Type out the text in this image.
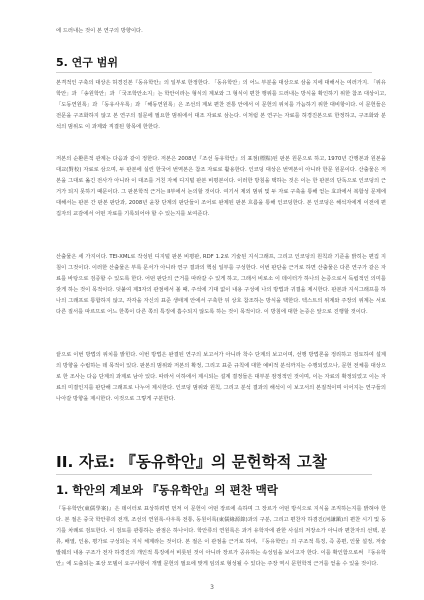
에 드러내는 것이 본 연구의 방향이다.

5. 연구 범위

본격적인 구축의 대상은 허경진본『동유학안』의 일부로 한정한다. 「동유학안」의 어느 부분을 대상으로 삼을 지에 대해서는 여러가지. 「위유학안」과 「송원학안」과 「국조학안소지」는 학안이라는 형식의 계보와 그 형식이 편찬 행위를 드러내는 방식을 확인하기 위한 참조 대상이고, 「도동연원록」과 「동유사우록」과 「해동연원록」은 조선의 계보 편찬 전통 안에서 이 문헌의 위치를 가늠하기 위한 대비항이다. 이 문헌들은 전문을 구조화하지 않고 본 연구의 질문에 필요한 범위에서 대조 자료로 삼는다. 이처럼 본 연구는 자료를 허경진본으로 한정하고, 구조화와 분석의 범위도 이 과제와 직결된 항목에 한한다.

저본의 순환론적 관계는 다음과 같이 정한다. 저본은 2008년『조선 동유학안』의 표점(標點)된 판본 원문으로 하고, 1970년 간행본과 원본을 대교(對校) 자료로 삼으며, 두 판본에 실린 한국어 번역본은 참조 자료로 활용한다. 인코딩 대상은 번역본이 아니라 한문 원문이다. 산출물은 저본을 그대로 옮긴 전사가 아니라 이 대조를 거친 자체 디지털 판본 비평본이다. 이러한 방침을 택하는 것은 이는 한 판본의 단독으로 인코딩의 근거가 되지 못하기 때문이다. 그 판본학적 근거는 II부에서 논의할 것이다. 여기서 제외 범위 및 두 자료 구축을 통해 얻는 효과에서 복합성 문제에 대해서는 판본 간 판본 판단과, 2008년 윤창 단계의 판단들이 조어로 완제된 판본 흐름을 통해 인코딩한다. 본 인코딩은 해석자에게 이전에 편집자의 교감에서 어떤 자료를 기록되어야 할 수 있는지를 보여준다.

산출물은 세 가지이다. TEI-XML로 작성된 디지털 판본 비평판, RDF 1.2로 기술된 지식그래프, 그리고 인코딩의 원칙과 기준을 밝히는 편집 지침이 그것이다. 이러한 산출물은 부록 문서가 아니라 연구 결과의 핵심 일부를 구성한다. 이번 판단을 근거로 하면 산출물은 다른 연구가 같은 자료를 바탕으로 검증할 수 있도록 한다. 어떤 판단의 근거를 따라갈 수 있게 하고, 그래서 비로소 이 데이터가 하나의 논증으로서 독립적인 의미를 갖게 하는 것이 목적이다. 덧붙여 제3자의 관점에서 볼 때, 주석에 기대 없이 내용 구성에 나의 방법과 귀결을 제시한다. 판본과 지식그래프를 하나의 그래프로 통합하지 않고, 각각을 자신의 표준 생태계 안에서 구축한 뒤 상호 참조하는 방식을 택한다. 텍스트의 위계와 주장의 위계는 서로 다른 질서를 따르므로 어느 한쪽이 다른 쪽의 특징에 흡수되지 않도록 하는 것이 목적이다. 이 방침에 대한 논증은 앞으로 진행할 것이다.

끝으로 이번 방법의 위치를 밝힌다. 이번 방법은 완결된 연구의 보고서가 아니라 착수 단계의 보고이며, 선행 방법론을 정리하고 검토하여 설계의 방향을 수립하는 데 목적이 있다. 판본의 범위와 저본의 확정, 그리고 표준 규칙에 대한 예비적 분석까지는 수행되었으나, 문헌 전체를 대상으로 한 조사는 다음 단계의 과제로 남아 있다. 따라서 이하에서 제시되는 설계 결정들은 대부분 잠정적인 것이며, 이는 자료의 확정되었고 이는 자료의 미결인지를 판단해 그래프로 나누어 제시한다. 인코딩 범위와 원칙, 그리고 분석 결과의 해석이 이 보고서의 본질적이며 이어지는 연구들의 나아갈 방향을 제시한다. 이것으로 그렇게 구분한다.

II. 자료: 『동유학안』의 문헌학적 고찰
1. 학안의 계보와 『동유학안』의 편찬 맥락

『동유학안(東儒學案)』은 데이터로 표상하려면 먼저 이 문헌이 어떤 장르에 속하며 그 장르가 어떤 방식으로 지식을 조직하는지를 밝혀야 한다. 본 절은 중국 학안류의 전개, 조선의 연원록·사우록 전통, 동원이록(東儒緣源錄)과의 구분, 그리고 편찬자 하겸진(河謙鎭)의 편찬 시기 및 동기를 차례로 검토한다. 이 검토를 관통하는 관점은 하나이다. 학안류의 연원록은 과거 유학자에 관한 사실의 저장소가 아니라 편찬자의 선택, 분류, 배열, 인용, 평가로 구성되는 지식 체계라는 것이다. 본 절은 이 관점을 근거로 하여, 『동유학안』의 구조적 특징, 즉 종편, 인물 설정, 저술 발췌의 내용 구조가 전자 하경진의 개인적 특징에서 비롯된 것이 아니라 장르가 공유하는 속성임을 보이고자 한다. 이를 확인함으로써 『동유학안』에 도출되는 표상 모델이 요구사항이 개별 문헌의 필요에 맞게 임의로 형성될 수 있다는 주장 역시 문헌학적 근거를 얻을 수 있을 것이다.

3
